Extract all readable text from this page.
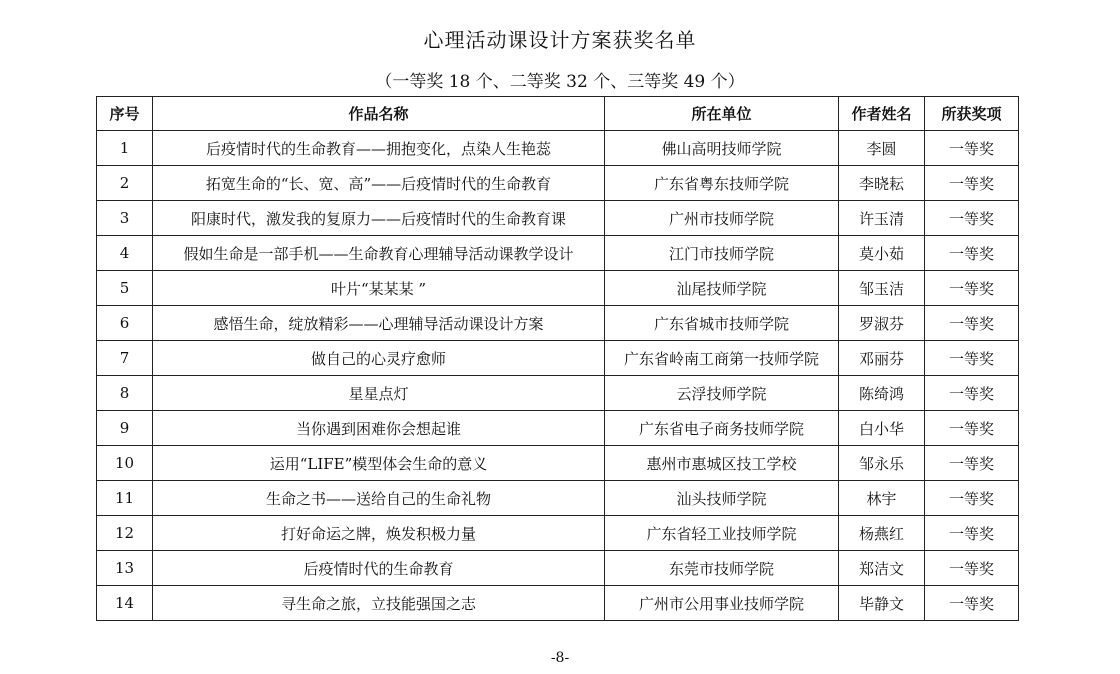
心理活动课设计方案获奖名单
（一等奖 18 个、二等奖 32 个、三等奖 49 个）
序号	作品名称	所在单位	作者姓名	所获奖项
1	后疫情时代的生命教育——拥抱变化，点染人生艳蕊	佛山高明技师学院	李圆	一等奖
2	拓宽生命的“长、宽、高”——后疫情时代的生命教育	广东省粤东技师学院	李晓耘	一等奖
3	阳康时代，激发我的复原力——后疫情时代的生命教育课	广州市技师学院	许玉清	一等奖
4	假如生命是一部手机——生命教育心理辅导活动课教学设计	江门市技师学院	莫小茹	一等奖
5	叶片“某某某 ”	汕尾技师学院	邹玉洁	一等奖
6	感悟生命，绽放精彩——心理辅导活动课设计方案	广东省城市技师学院	罗淑芬	一等奖
7	做自己的心灵疗愈师	广东省岭南工商第一技师学院	邓丽芬	一等奖
8	星星点灯	云浮技师学院	陈绮鸿	一等奖
9	当你遇到困难你会想起谁	广东省电子商务技师学院	白小华	一等奖
10	运用“LIFE”模型体会生命的意义	惠州市惠城区技工学校	邹永乐	一等奖
11	生命之书——送给自己的生命礼物	汕头技师学院	林宇	一等奖
12	打好命运之牌，焕发积极力量	广东省轻工业技师学院	杨燕红	一等奖
13	后疫情时代的生命教育	东莞市技师学院	郑洁文	一等奖
14	寻生命之旅，立技能强国之志	广州市公用事业技师学院	毕静文	一等奖
-8-
